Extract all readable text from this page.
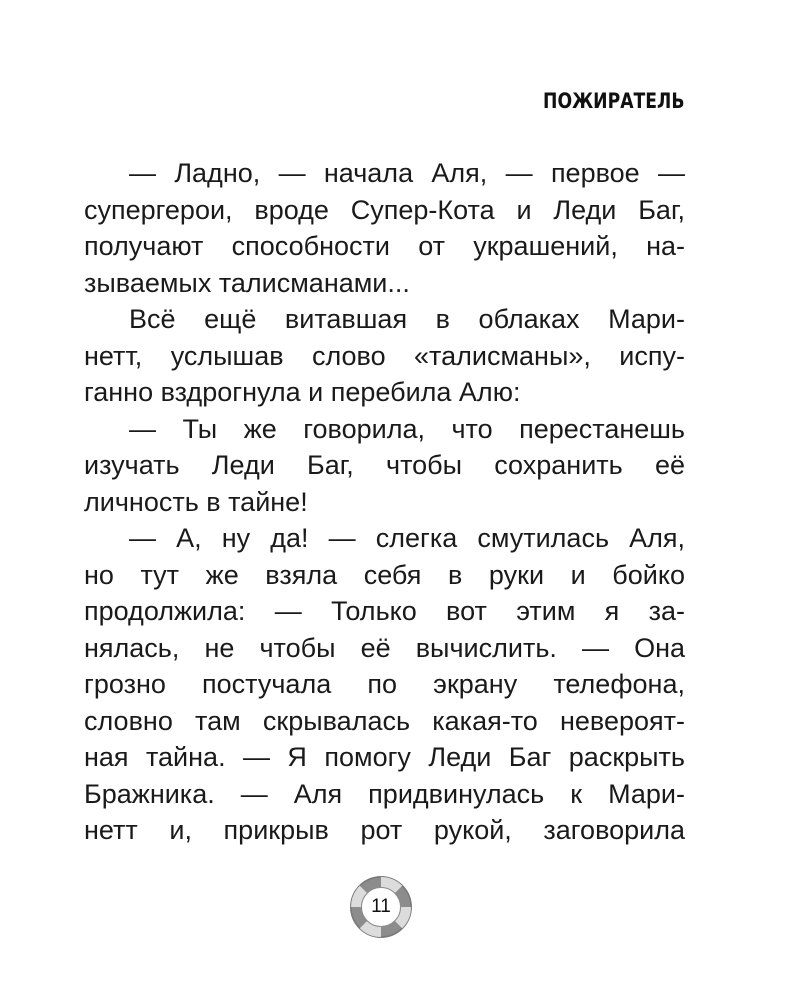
ПОЖИРАТЕЛЬ
— Ладно, — начала Аля, — первое —
супергерои, вроде Супер-Кота и Леди Баг,
получают способности от украшений, на-
зываемых талисманами...
Всё ещё витавшая в облаках Мари-
нетт, услышав слово «талисманы», испу-
ганно вздрогнула и перебила Алю:
— Ты же говорила, что перестанешь
изучать Леди Баг, чтобы сохранить её
личность в тайне!
— А, ну да! — слегка смутилась Аля,
но тут же взяла себя в руки и бойко
продолжила: — Только вот этим я за-
нялась, не чтобы её вычислить. — Она
грозно постучала по экрану телефона,
словно там скрывалась какая-то невероят-
ная тайна. — Я помогу Леди Баг раскрыть
Бражника. — Аля придвинулась к Мари-
нетт и, прикрыв рот рукой, заговорила
11
